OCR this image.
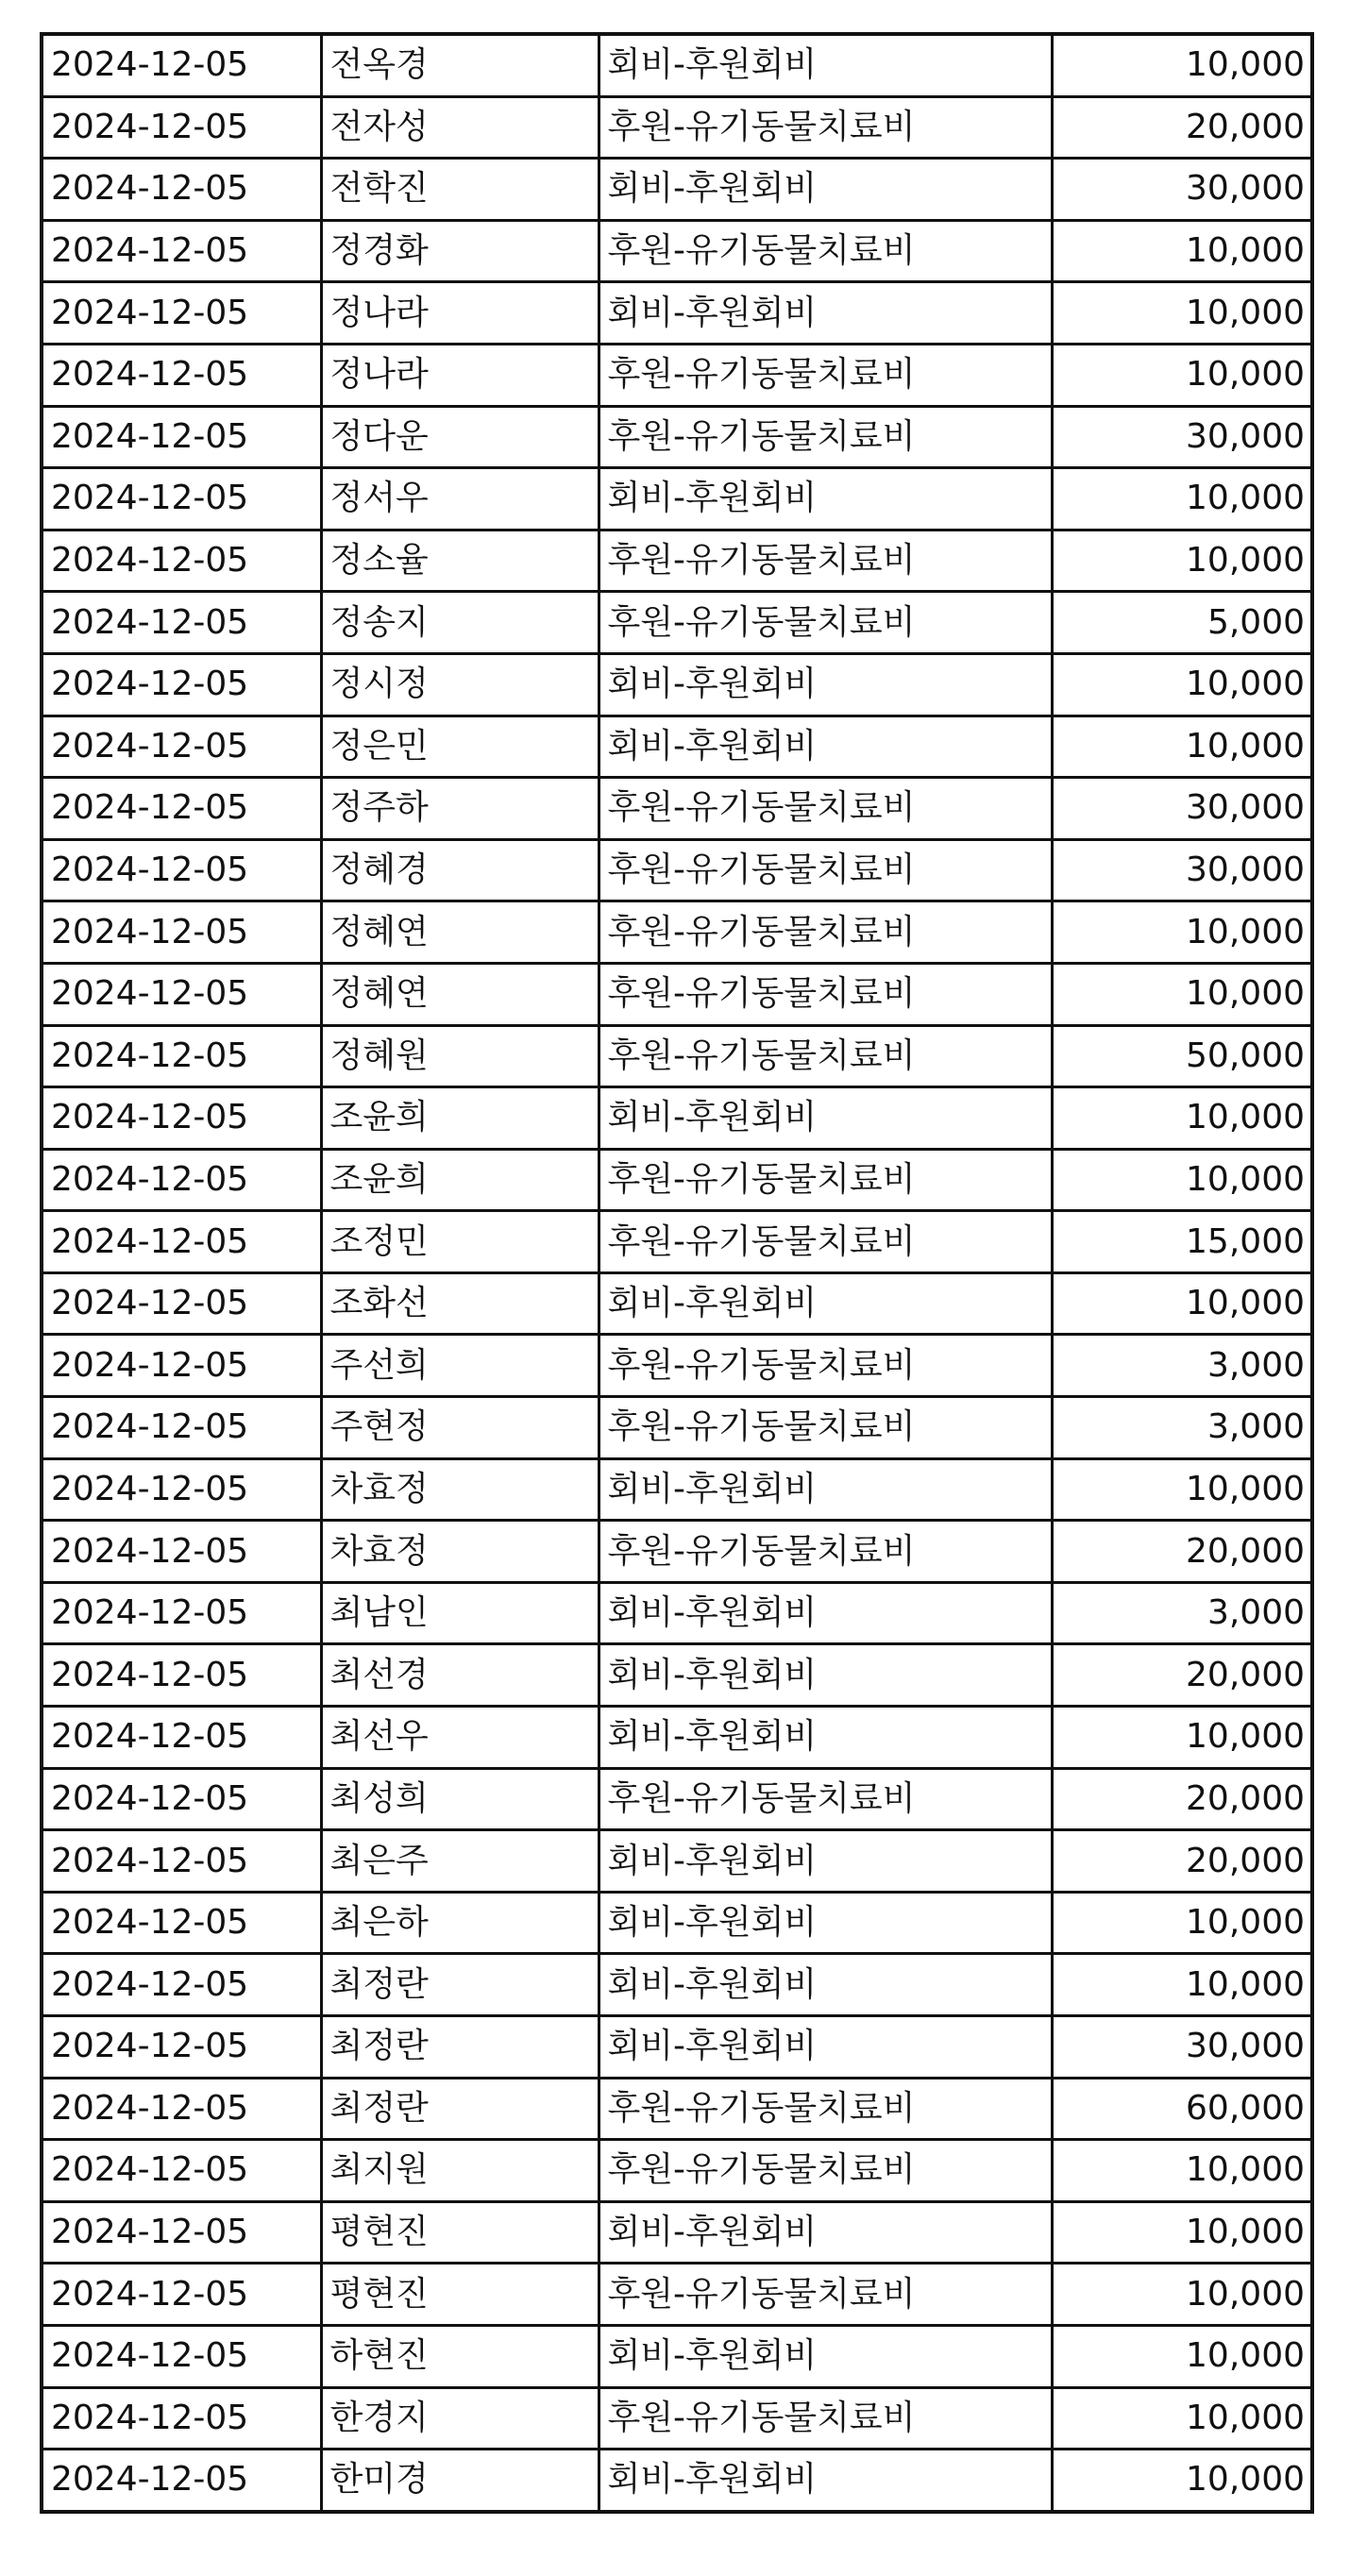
2024-12-05	전옥경	회비-후원회비	10,000
2024-12-05	전자성	후원-유기동물치료비	20,000
2024-12-05	전학진	회비-후원회비	30,000
2024-12-05	정경화	후원-유기동물치료비	10,000
2024-12-05	정나라	회비-후원회비	10,000
2024-12-05	정나라	후원-유기동물치료비	10,000
2024-12-05	정다운	후원-유기동물치료비	30,000
2024-12-05	정서우	회비-후원회비	10,000
2024-12-05	정소율	후원-유기동물치료비	10,000
2024-12-05	정송지	후원-유기동물치료비	5,000
2024-12-05	정시정	회비-후원회비	10,000
2024-12-05	정은민	회비-후원회비	10,000
2024-12-05	정주하	후원-유기동물치료비	30,000
2024-12-05	정혜경	후원-유기동물치료비	30,000
2024-12-05	정혜연	후원-유기동물치료비	10,000
2024-12-05	정혜연	후원-유기동물치료비	10,000
2024-12-05	정혜원	후원-유기동물치료비	50,000
2024-12-05	조윤희	회비-후원회비	10,000
2024-12-05	조윤희	후원-유기동물치료비	10,000
2024-12-05	조정민	후원-유기동물치료비	15,000
2024-12-05	조화선	회비-후원회비	10,000
2024-12-05	주선희	후원-유기동물치료비	3,000
2024-12-05	주현정	후원-유기동물치료비	3,000
2024-12-05	차효정	회비-후원회비	10,000
2024-12-05	차효정	후원-유기동물치료비	20,000
2024-12-05	최남인	회비-후원회비	3,000
2024-12-05	최선경	회비-후원회비	20,000
2024-12-05	최선우	회비-후원회비	10,000
2024-12-05	최성희	후원-유기동물치료비	20,000
2024-12-05	최은주	회비-후원회비	20,000
2024-12-05	최은하	회비-후원회비	10,000
2024-12-05	최정란	회비-후원회비	10,000
2024-12-05	최정란	회비-후원회비	30,000
2024-12-05	최정란	후원-유기동물치료비	60,000
2024-12-05	최지원	후원-유기동물치료비	10,000
2024-12-05	평현진	회비-후원회비	10,000
2024-12-05	평현진	후원-유기동물치료비	10,000
2024-12-05	하현진	회비-후원회비	10,000
2024-12-05	한경지	후원-유기동물치료비	10,000
2024-12-05	한미경	회비-후원회비	10,000
